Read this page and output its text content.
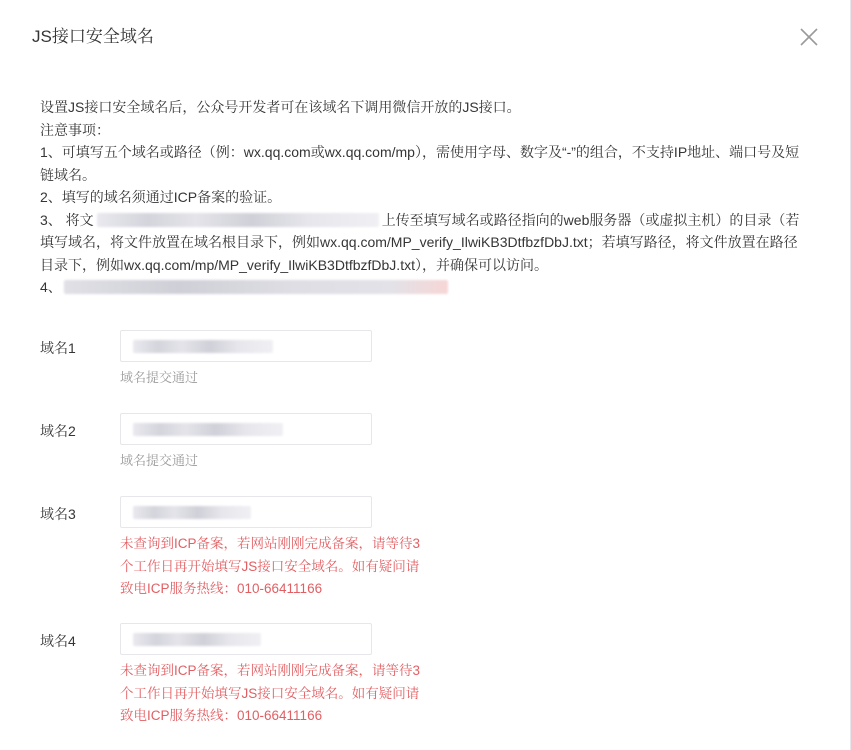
JS接口安全域名

设置JS接口安全域名后，公众号开发者可在该域名下调用微信开放的JS接口。

注意事项：

1、可填写五个域名或路径（例：wx.qq.com或wx.qq.com/mp），需使用字母、数字及“-”的组合，不支持IP地址、端口号及短链域名。

2、填写的域名须通过ICP备案的验证。

3、 将文	上传至填写域名或路径指向的web服务器（或虚拟主机）的目录（若填写域名，将文件放置在域名根目录下，例如wx.qq.com/MP_verify_IlwiKB3DtfbzfDbJ.txt；若填写路径，将文件放置在路径目录下，例如wx.qq.com/mp/MP_verify_IlwiKB3DtfbzfDbJ.txt），并确保可以访问。

4、

域名1
域名提交通过
域名2
域名提交通过
域名3
未查询到ICP备案，若网站刚刚完成备案，请等待3个工作日再开始填写JS接口安全域名。如有疑问请致电ICP服务热线：010-66411166
域名4
未查询到ICP备案，若网站刚刚完成备案，请等待3个工作日再开始填写JS接口安全域名。如有疑问请致电ICP服务热线：010-66411166
